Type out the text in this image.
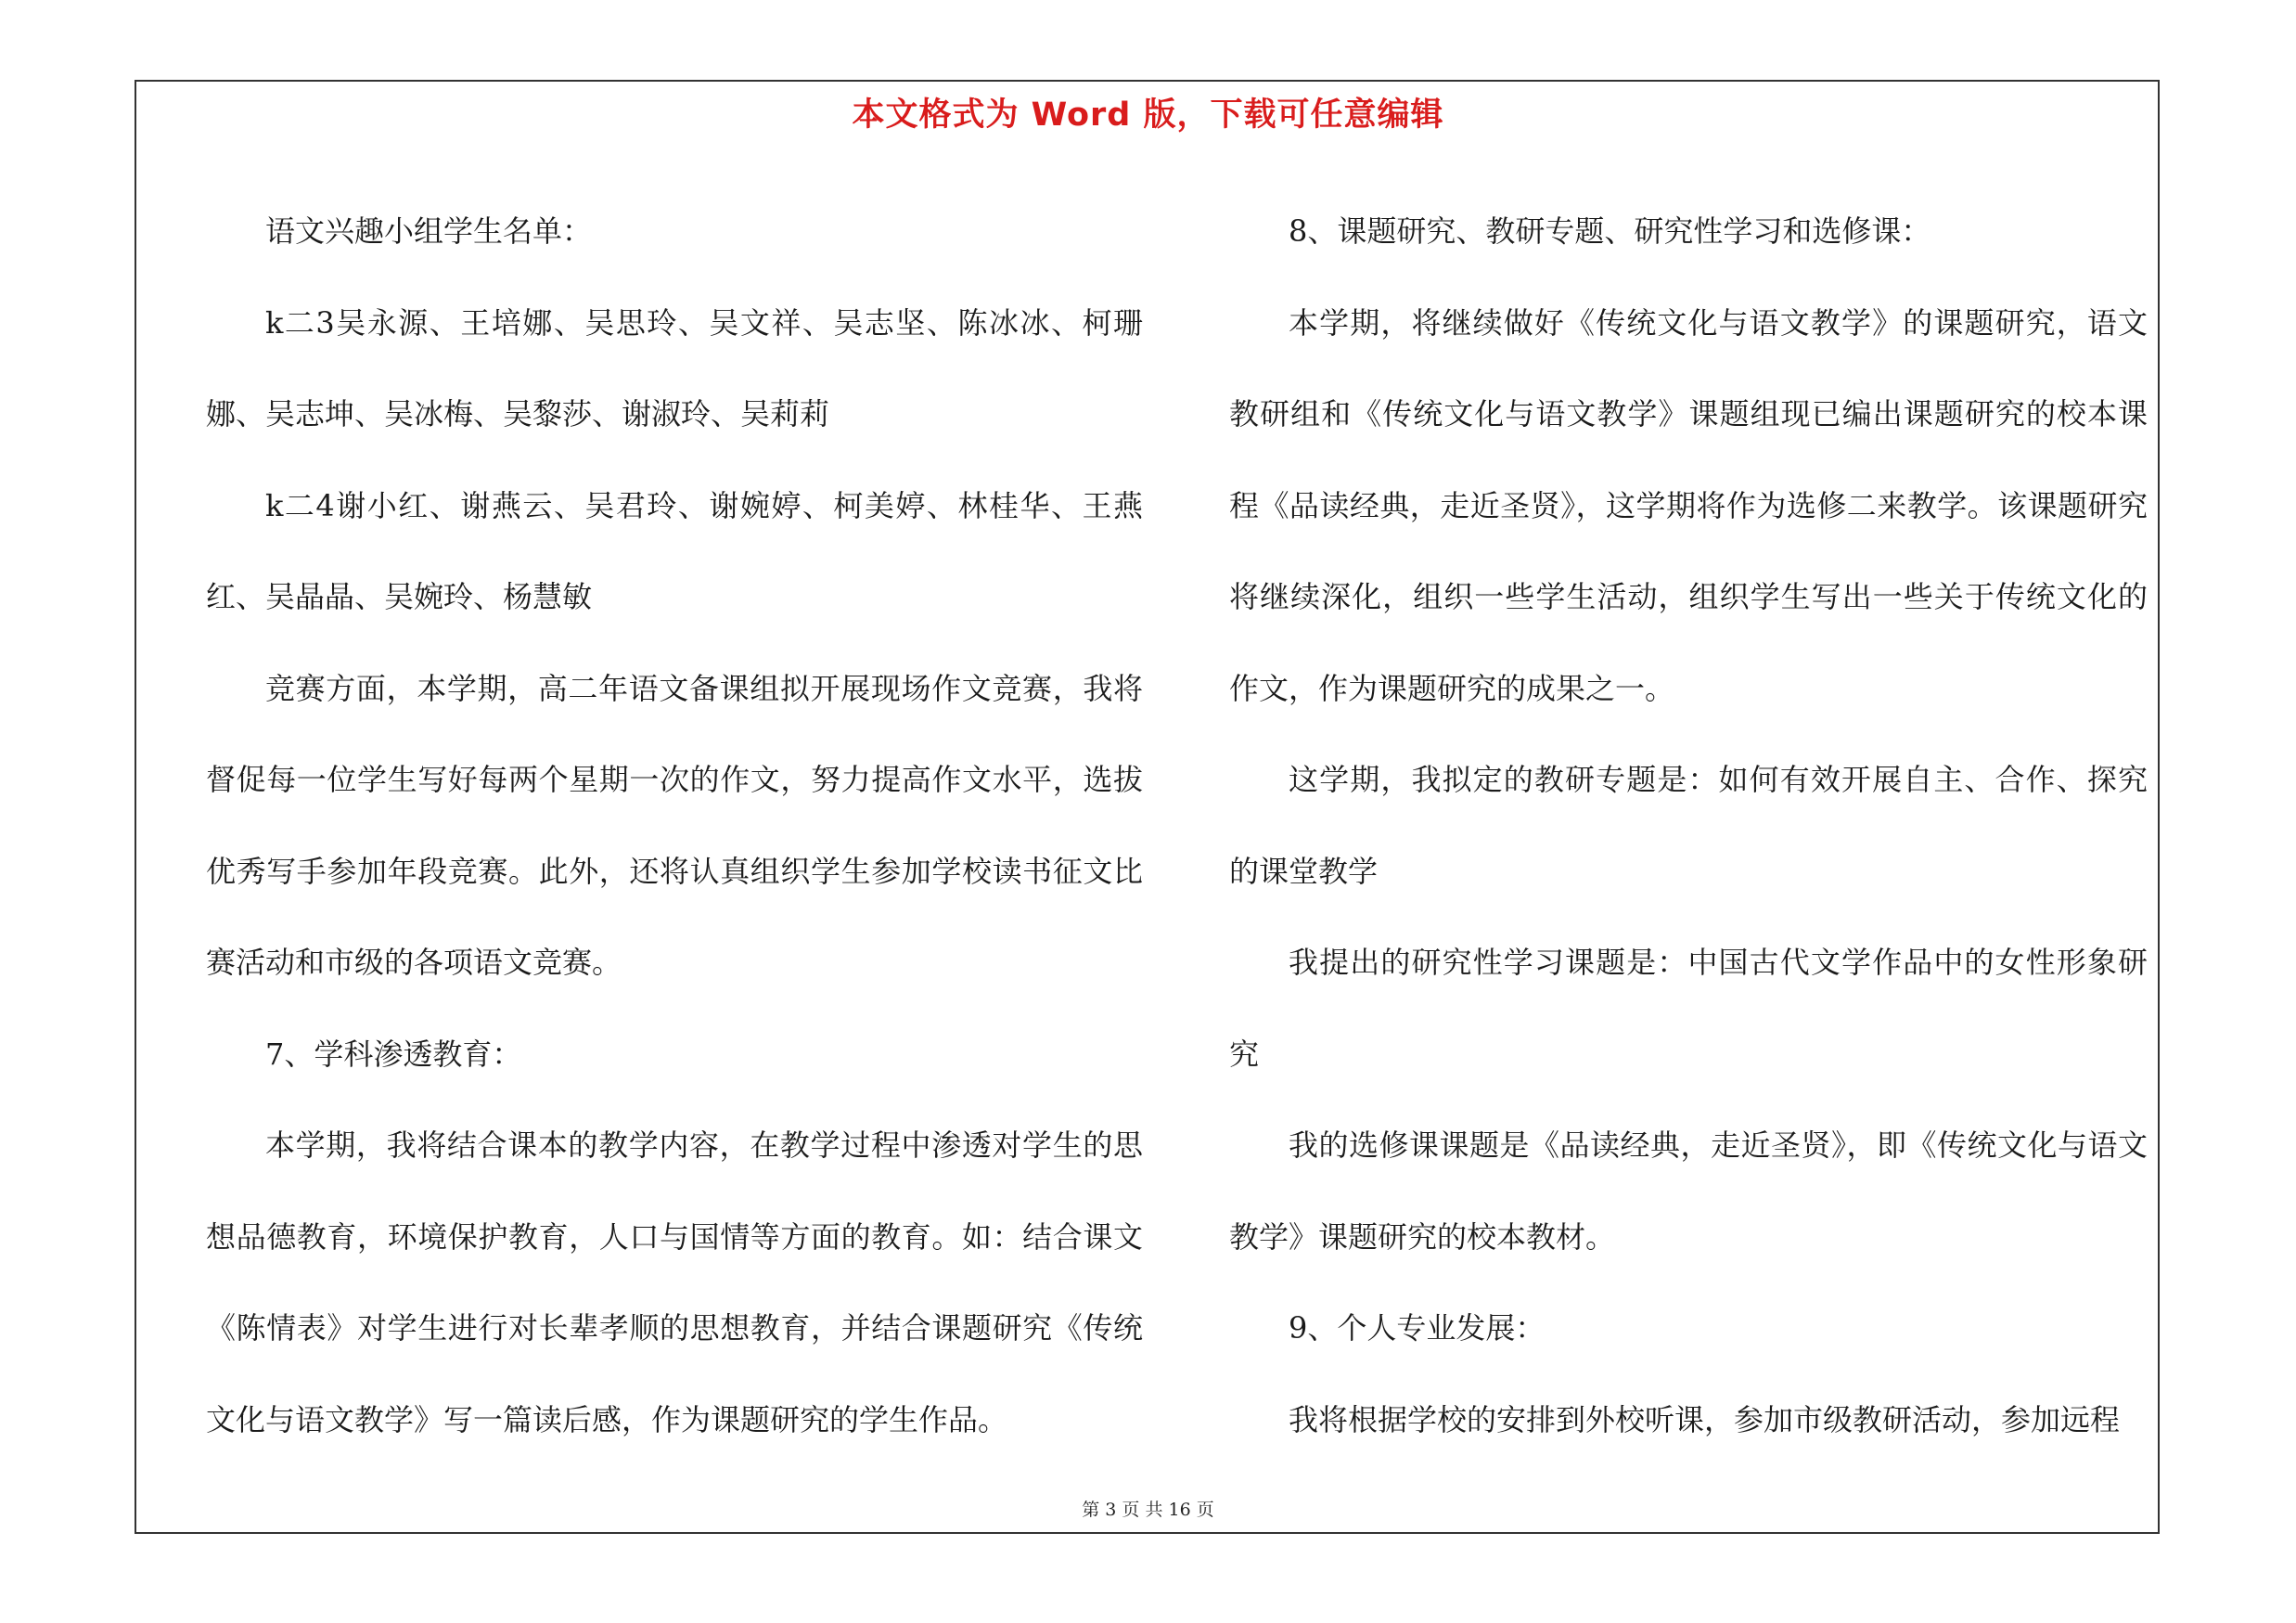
本文格式为 Word 版，下载可任意编辑

语文兴趣小组学生名单：

k二3吴永源、王培娜、吴思玲、吴文祥、吴志坚、陈冰冰、柯珊娜、吴志坤、吴冰梅、吴黎莎、谢淑玲、吴莉莉

k二4谢小红、谢燕云、吴君玲、谢婉婷、柯美婷、林桂华、王燕红、吴晶晶、吴婉玲、杨慧敏

竞赛方面，本学期，高二年语文备课组拟开展现场作文竞赛，我将督促每一位学生写好每两个星期一次的作文，努力提高作文水平，选拔优秀写手参加年段竞赛。此外，还将认真组织学生参加学校读书征文比赛活动和市级的各项语文竞赛。

7、学科渗透教育：

本学期，我将结合课本的教学内容，在教学过程中渗透对学生的思想品德教育，环境保护教育，人口与国情等方面的教育。如：结合课文《陈情表》对学生进行对长辈孝顺的思想教育，并结合课题研究《传统文化与语文教学》写一篇读后感，作为课题研究的学生作品。

8、课题研究、教研专题、研究性学习和选修课：

本学期，将继续做好《传统文化与语文教学》的课题研究，语文教研组和《传统文化与语文教学》课题组现已编出课题研究的校本课程《品读经典，走近圣贤》，这学期将作为选修二来教学。该课题研究将继续深化，组织一些学生活动，组织学生写出一些关于传统文化的作文，作为课题研究的成果之一。

这学期，我拟定的教研专题是：如何有效开展自主、合作、探究的课堂教学

我提出的研究性学习课题是：中国古代文学作品中的女性形象研究

我的选修课课题是《品读经典，走近圣贤》，即《传统文化与语文教学》课题研究的校本教材。

9、个人专业发展：

我将根据学校的安排到外校听课，参加市级教研活动，参加远程

第 3 页 共 16 页
